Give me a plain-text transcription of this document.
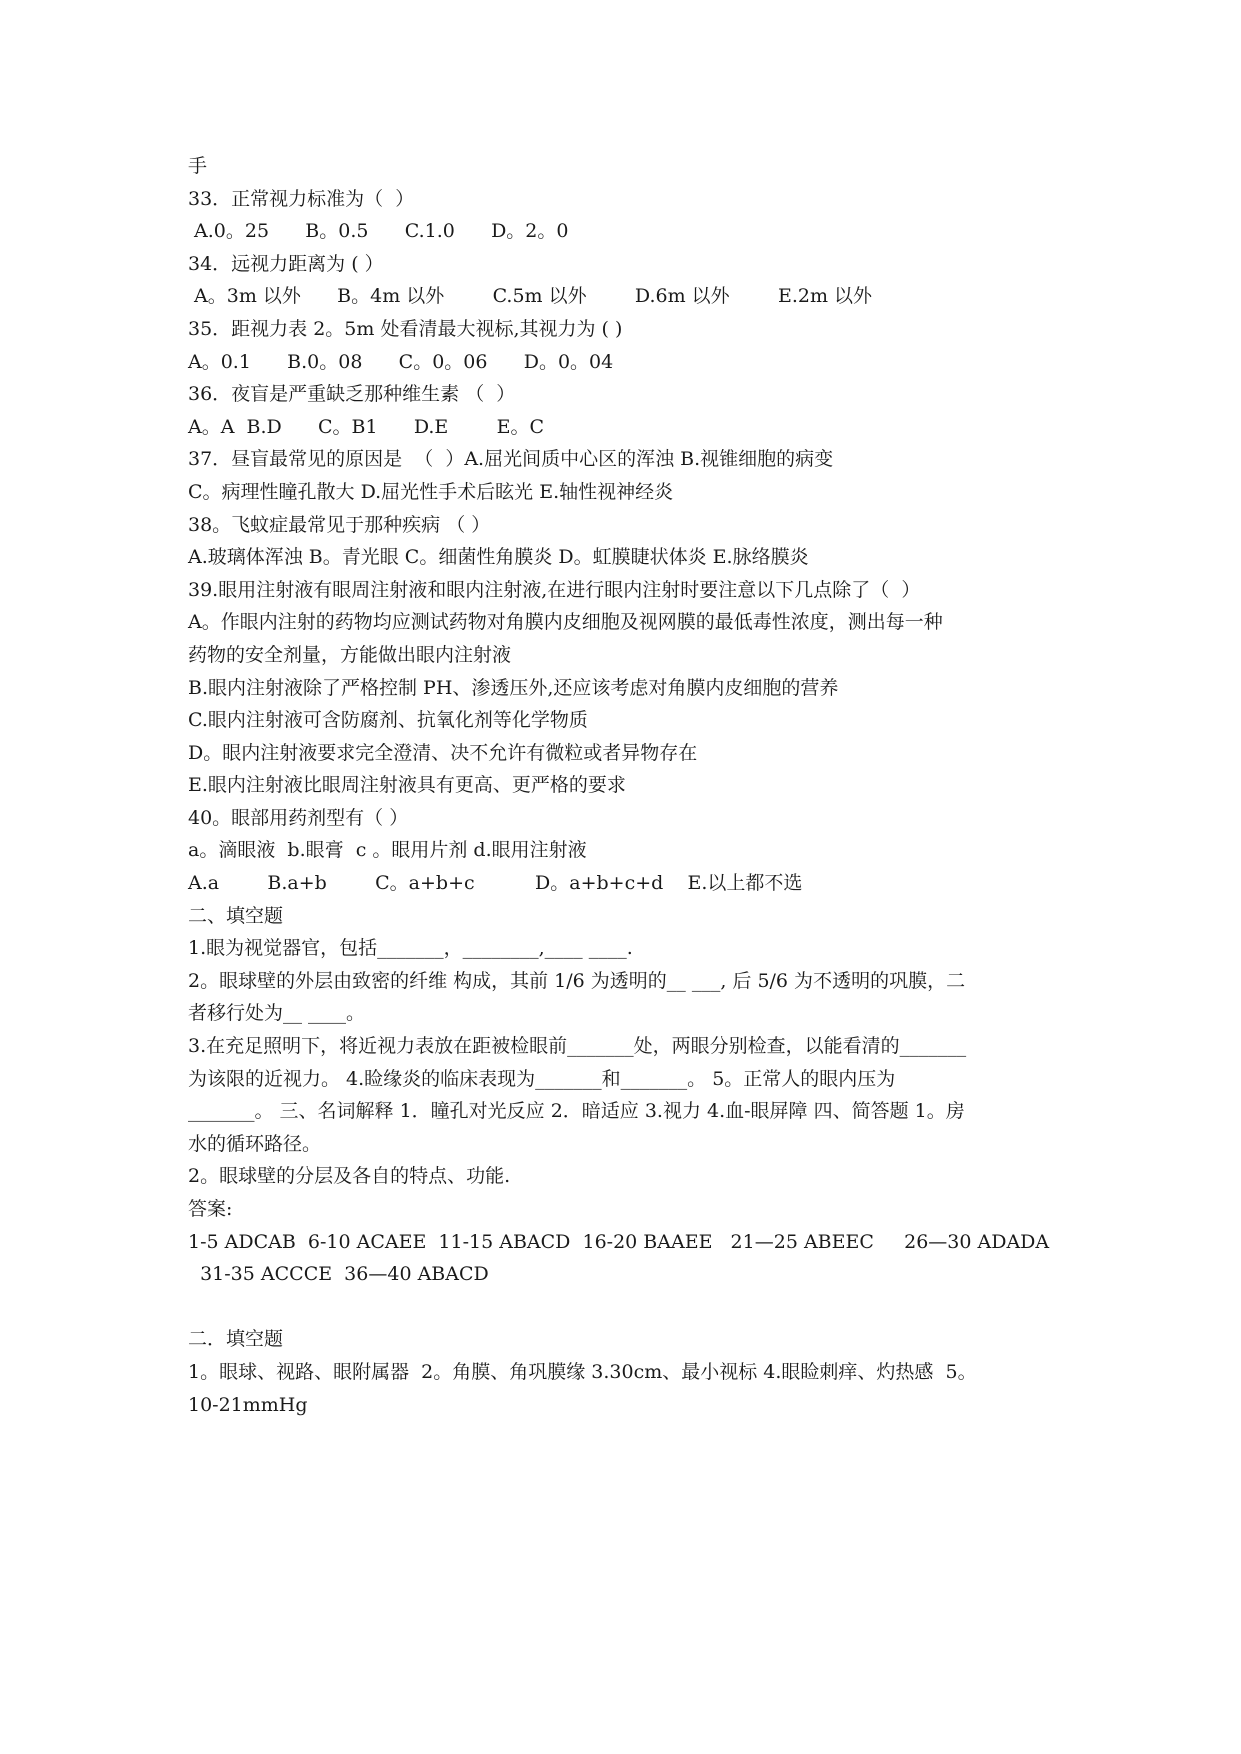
手
33．正常视力标准为（  ）
A.0。25      B。0.5      C.1.0      D。2。0
34．远视力距离为 ( ）
A。3m 以外      B。4m 以外        C.5m 以外        D.6m 以外        E.2m 以外
35．距视力表 2。5m 处看清最大视标,其视力为 ( )
A。0.1      B.0。08      C。0。06      D。0。04
36．夜盲是严重缺乏那种维生素 （  ）
A。A  B.D      C。B1      D.E        E。C
37．昼盲最常见的原因是  （  ）A.屈光间质中心区的浑浊 B.视锥细胞的病变
C。病理性瞳孔散大 D.屈光性手术后眩光 E.轴性视神经炎
38。飞蚊症最常见于那种疾病 （ ）
A.玻璃体浑浊 B。青光眼 C。细菌性角膜炎 D。虹膜睫状体炎 E.脉络膜炎
39.眼用注射液有眼周注射液和眼内注射液,在进行眼内注射时要注意以下几点除了（  ）
A。作眼内注射的药物均应测试药物对角膜内皮细胞及视网膜的最低毒性浓度，测出每一种
药物的安全剂量，方能做出眼内注射液
B.眼内注射液除了严格控制 PH、渗透压外,还应该考虑对角膜内皮细胞的营养
C.眼内注射液可含防腐剂、抗氧化剂等化学物质
D。眼内注射液要求完全澄清、决不允许有微粒或者异物存在
E.眼内注射液比眼周注射液具有更高、更严格的要求
40。眼部用药剂型有（ ）
a。滴眼液  b.眼膏  c 。眼用片剂 d.眼用注射液
A.a        B.a+b        C。a+b+c          D。a+b+c+d    E.以上都不选
二、填空题
1.眼为视觉器官，包括_______，________,____ ____.
2。眼球壁的外层由致密的纤维 构成，其前 1/6 为透明的__ ___, 后 5/6 为不透明的巩膜，二
者移行处为__ ____。
3.在充足照明下，将近视力表放在距被检眼前_______处，两眼分别检查，以能看清的_______
为该限的近视力。 4.睑缘炎的临床表现为_______和_______。 5。正常人的眼内压为
_______。 三、名词解释 1．瞳孔对光反应 2．暗适应 3.视力 4.血-眼屏障 四、简答题 1。房
水的循环路径。
2。眼球壁的分层及各自的特点、功能.
答案:
1-5 ADCAB  6-10 ACAEE  11-15 ABACD  16-20 BAAEE   21—25 ABEEC     26—30 ADADA
31-35 ACCCE  36—40 ABACD
二．填空题
1。眼球、视路、眼附属器  2。角膜、角巩膜缘 3.30cm、最小视标 4.眼睑刺痒、灼热感  5。
10-21mmHg
